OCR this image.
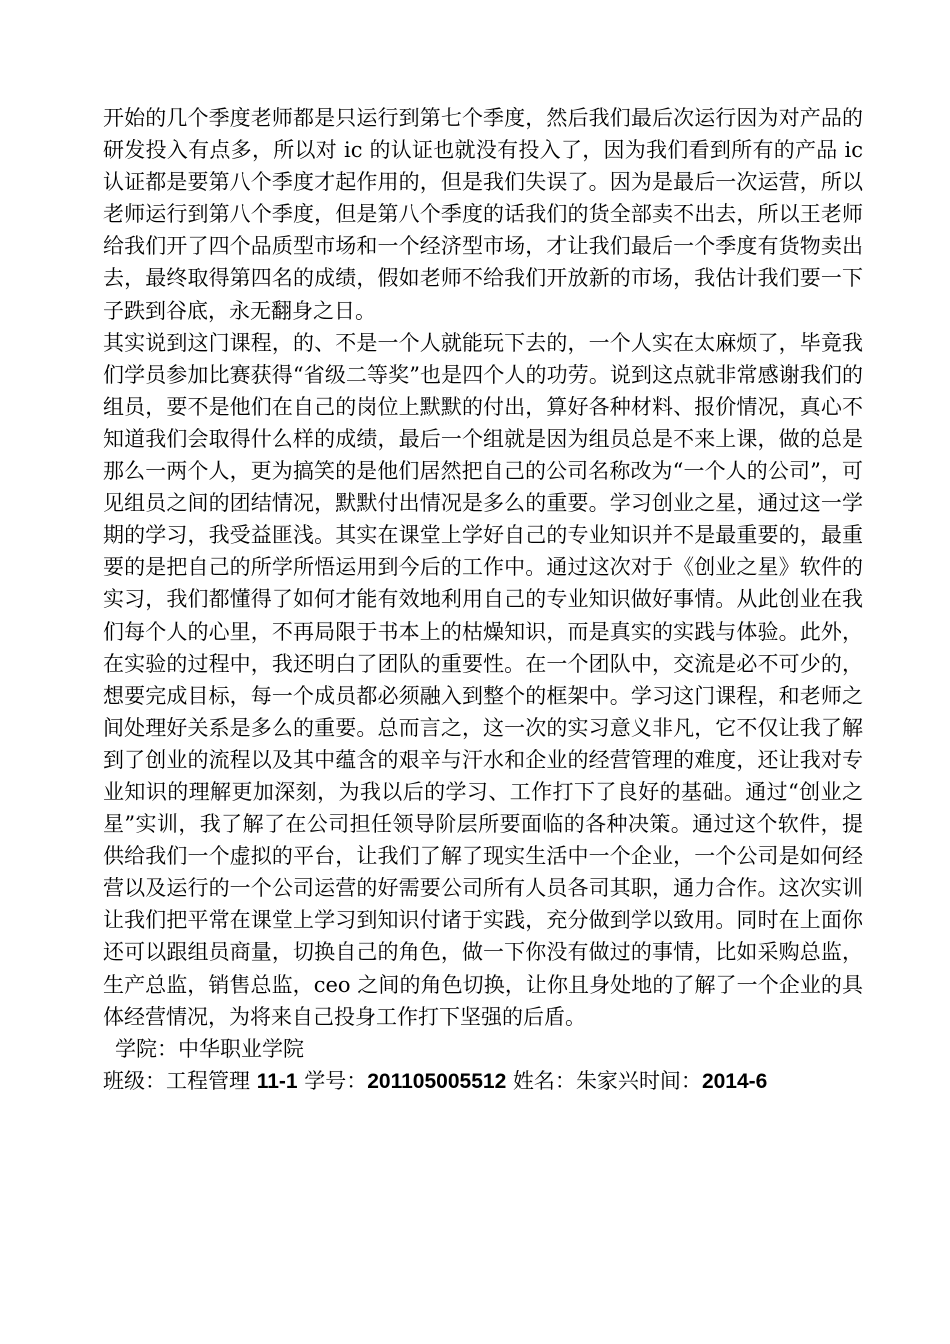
开始的几个季度老师都是只运行到第七个季度，然后我们最后次运行因为对产品的研发投入有点多，所以对 ic 的认证也就没有投入了，因为我们看到所有的产品 ic 认证都是要第八个季度才起作用的，但是我们失误了。因为是最后一次运营，所以老师运行到第八个季度，但是第八个季度的话我们的货全部卖不出去，所以王老师给我们开了四个品质型市场和一个经济型市场，才让我们最后一个季度有货物卖出去，最终取得第四名的成绩，假如老师不给我们开放新的市场，我估计我们要一下子跌到谷底，永无翻身之日。

其实说到这门课程，的、不是一个人就能玩下去的，一个人实在太麻烦了，毕竟我们学员参加比赛获得“省级二等奖”也是四个人的功劳。说到这点就非常感谢我们的组员，要不是他们在自己的岗位上默默的付出，算好各种材料、报价情况，真心不知道我们会取得什么样的成绩，最后一个组就是因为组员总是不来上课，做的总是那么一两个人，更为搞笑的是他们居然把自己的公司名称改为“一个人的公司”，可见组员之间的团结情况，默默付出情况是多么的重要。学习创业之星，通过这一学期的学习，我受益匪浅。其实在课堂上学好自己的专业知识并不是最重要的，最重要的是把自己的所学所悟运用到今后的工作中。通过这次对于《创业之星》软件的实习，我们都懂得了如何才能有效地利用自己的专业知识做好事情。从此创业在我们每个人的心里，不再局限于书本上的枯燥知识，而是真实的实践与体验。此外，在实验的过程中，我还明白了团队的重要性。在一个团队中，交流是必不可少的，想要完成目标，每一个成员都必须融入到整个的框架中。学习这门课程，和老师之间处理好关系是多么的重要。总而言之，这一次的实习意义非凡，它不仅让我了解到了创业的流程以及其中蕴含的艰辛与汗水和企业的经营管理的难度，还让我对专业知识的理解更加深刻，为我以后的学习、工作打下了良好的基础。通过“创业之星”实训，我了解了在公司担任领导阶层所要面临的各种决策。通过这个软件，提供给我们一个虚拟的平台，让我们了解了现实生活中一个企业，一个公司是如何经营以及运行的一个公司运营的好需要公司所有人员各司其职，通力合作。这次实训让我们把平常在课堂上学习到知识付诸于实践，充分做到学以致用。同时在上面你还可以跟组员商量，切换自己的角色，做一下你没有做过的事情，比如采购总监，生产总监，销售总监，ceo 之间的角色切换，让你且身处地的了解了一个企业的具体经营情况，为将来自己投身工作打下坚强的后盾。

学院：中华职业学院

班级：工程管理 11-1 学号：201105005512 姓名：朱家兴时间：2014-6
